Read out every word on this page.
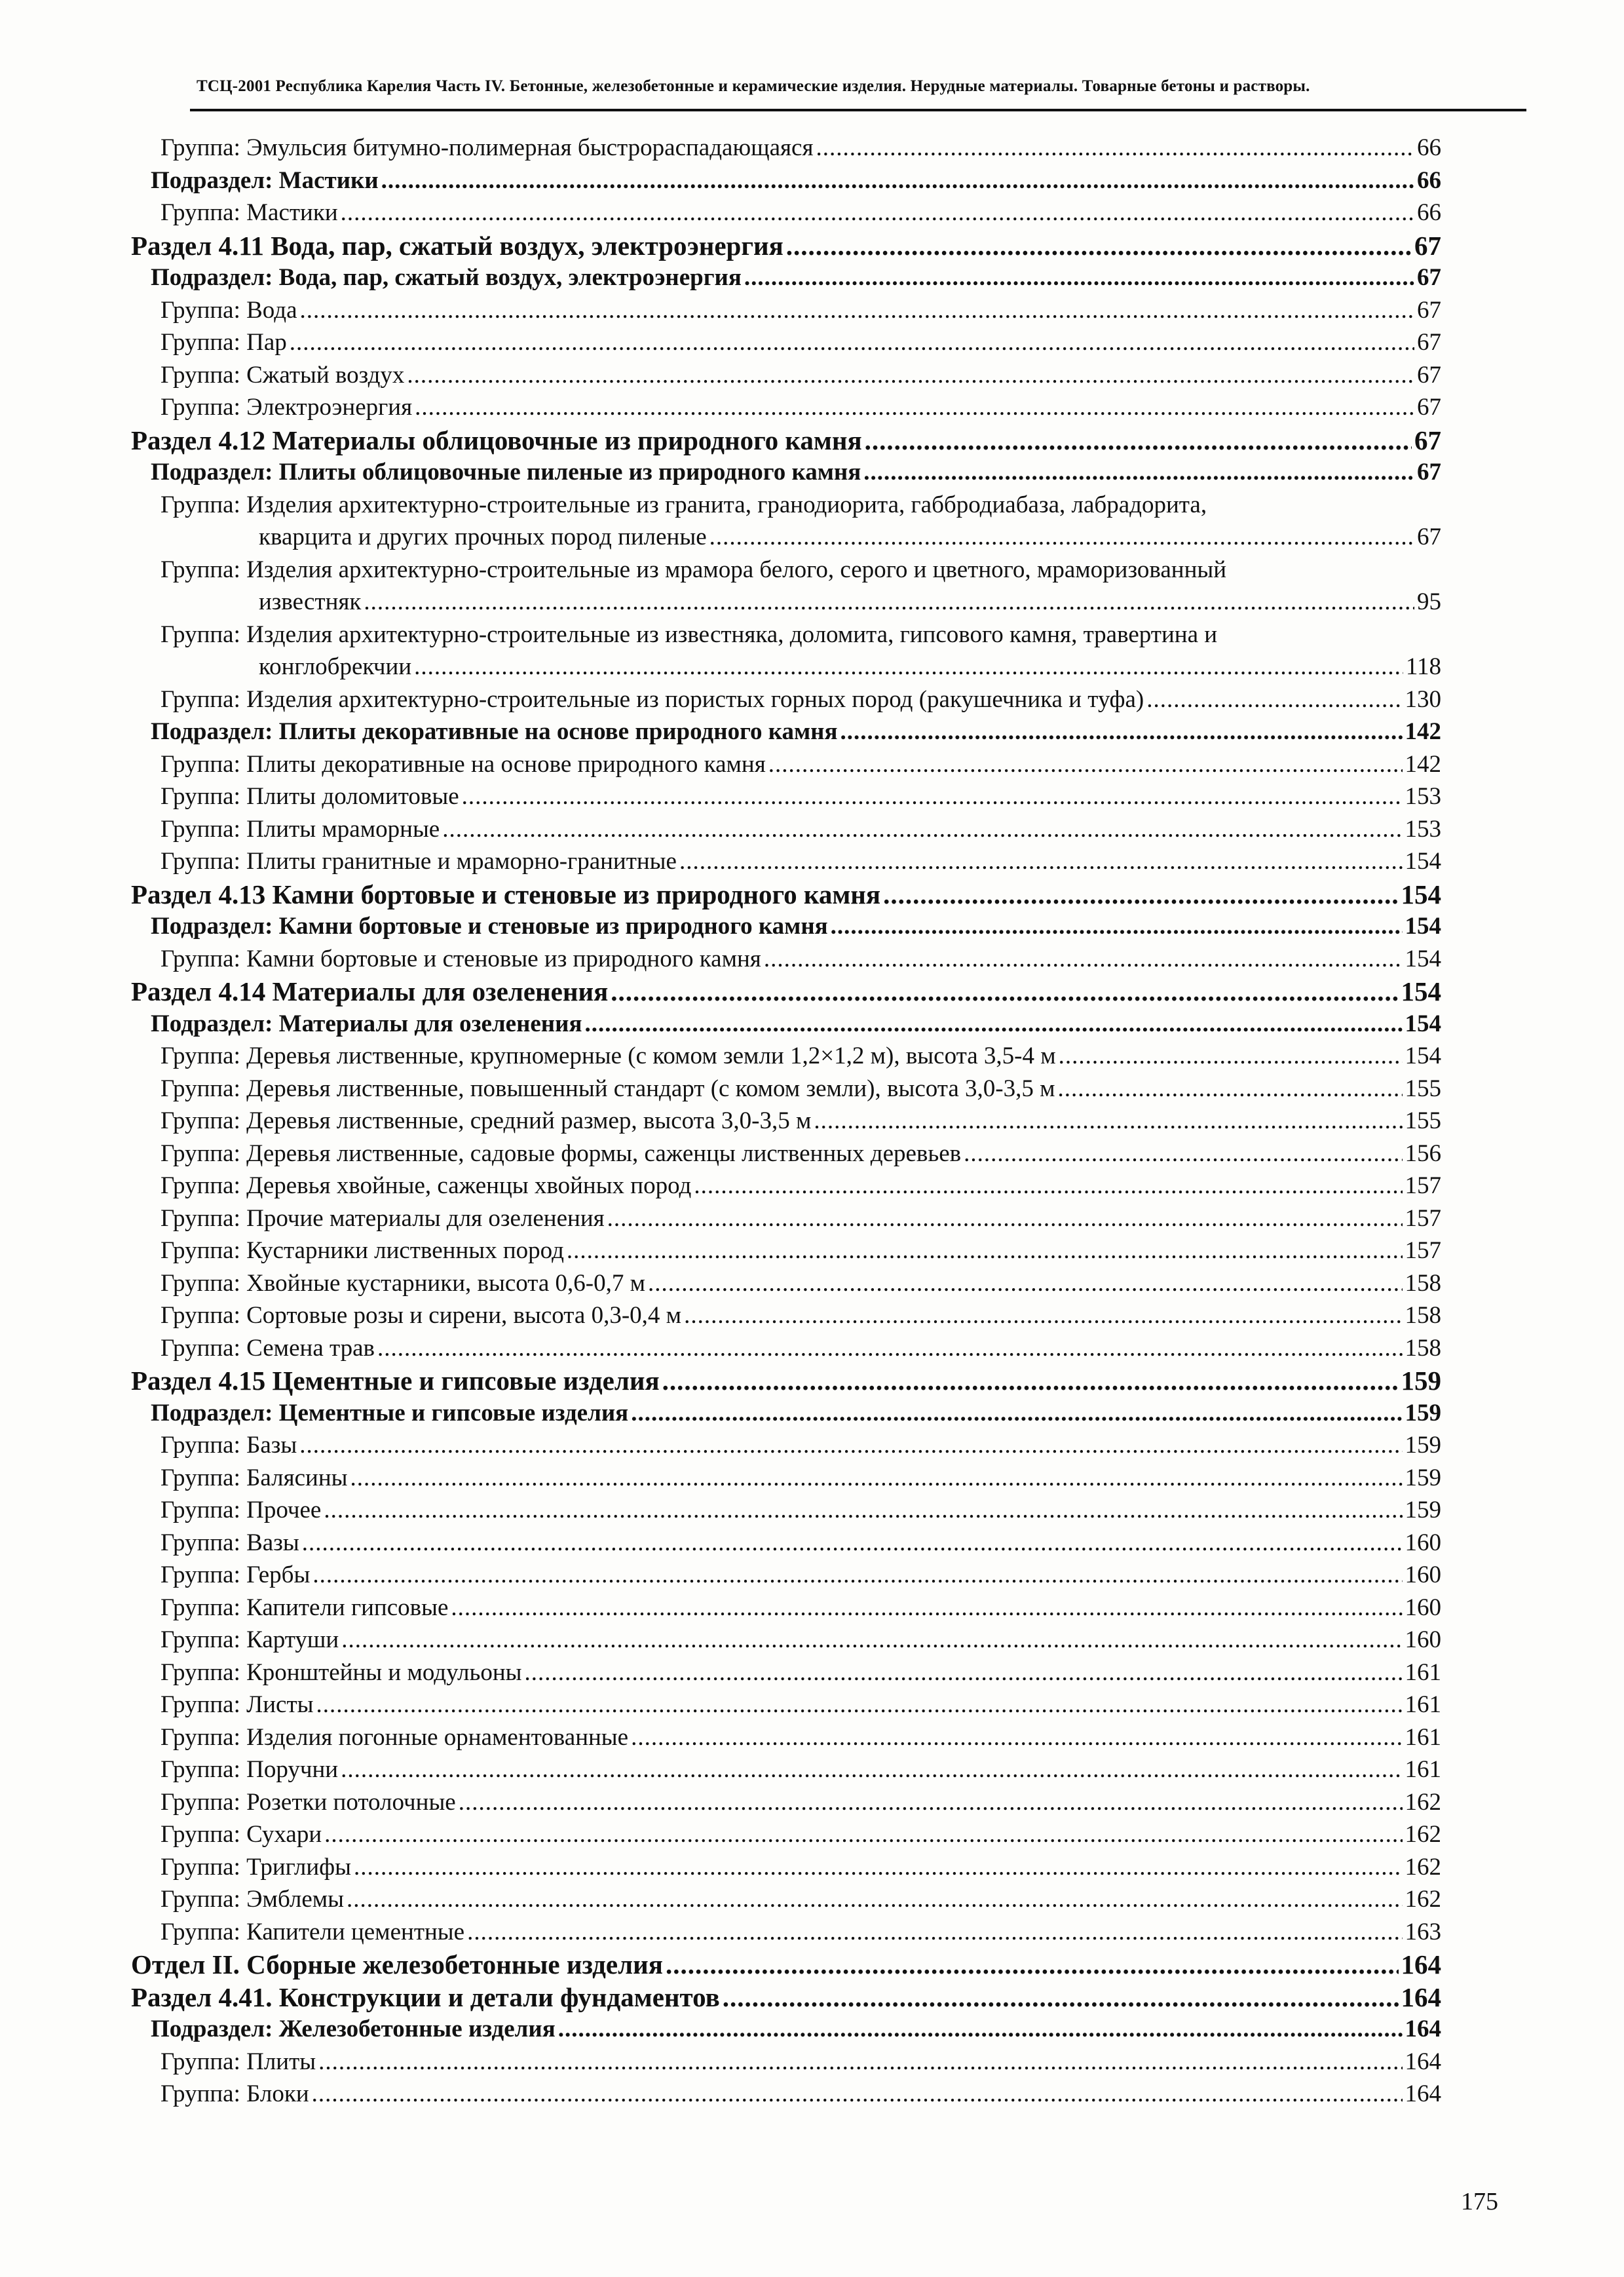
ТСЦ-2001 Республика Карелия Часть IV. Бетонные, железобетонные и керамические изделия. Нерудные материалы. Товарные бетоны и растворы.
Группа: Эмульсия битумно-полимерная быстрораспадающаяся .....	66
Подраздел: Мастики .....	66
Группа: Мастики .....	66
Раздел 4.11 Вода, пар, сжатый воздух, электроэнергия .....	67
Подраздел: Вода, пар, сжатый воздух, электроэнергия .....	67
Группа: Вода .....	67
Группа: Пар .....	67
Группа: Сжатый воздух .....	67
Группа: Электроэнергия .....	67
Раздел 4.12 Материалы облицовочные из природного камня .....	67
Подраздел: Плиты облицовочные пиленые из природного камня .....	67
Группа: Изделия архитектурно-строительные из гранита, гранодиорита, габбродиабаза, лабрадорита,
кварцита и других прочных пород пиленые .....	67
Группа: Изделия архитектурно-строительные из мрамора белого, серого и цветного, мраморизованный
известняк .....	95
Группа: Изделия архитектурно-строительные из известняка, доломита, гипсового камня, травертина и
конглобрекчии .....	118
Группа: Изделия архитектурно-строительные из пористых горных пород (ракушечника и туфа) .....	130
Подраздел: Плиты декоративные на основе природного камня .....	142
Группа: Плиты декоративные на основе природного камня .....	142
Группа: Плиты доломитовые .....	153
Группа: Плиты мраморные .....	153
Группа: Плиты гранитные и мраморно-гранитные .....	154
Раздел 4.13 Камни бортовые и стеновые из природного камня .....	154
Подраздел: Камни бортовые и стеновые из природного камня .....	154
Группа: Камни бортовые и стеновые из природного камня .....	154
Раздел 4.14 Материалы для озеленения .....	154
Подраздел: Материалы для озеленения .....	154
Группа: Деревья лиственные, крупномерные (с комом земли 1,2×1,2 м), высота 3,5-4 м .....	154
Группа: Деревья лиственные, повышенный стандарт (с комом земли), высота 3,0-3,5 м .....	155
Группа: Деревья лиственные, средний размер, высота 3,0-3,5 м .....	155
Группа: Деревья лиственные, садовые формы, саженцы лиственных деревьев .....	156
Группа: Деревья хвойные, саженцы хвойных пород .....	157
Группа: Прочие материалы для озеленения .....	157
Группа: Кустарники лиственных пород .....	157
Группа: Хвойные кустарники, высота 0,6-0,7 м .....	158
Группа: Сортовые розы и сирени, высота 0,3-0,4 м .....	158
Группа: Семена трав .....	158
Раздел 4.15 Цементные и гипсовые изделия .....	159
Подраздел: Цементные и гипсовые изделия .....	159
Группа: Базы .....	159
Группа: Балясины .....	159
Группа: Прочее .....	159
Группа: Вазы .....	160
Группа: Гербы .....	160
Группа: Капители гипсовые .....	160
Группа: Картуши .....	160
Группа: Кронштейны и модульоны .....	161
Группа: Листы .....	161
Группа: Изделия погонные орнаментованные .....	161
Группа: Поручни .....	161
Группа: Розетки потолочные .....	162
Группа: Сухари .....	162
Группа: Триглифы .....	162
Группа: Эмблемы .....	162
Группа: Капители цементные .....	163
Отдел II. Сборные железобетонные изделия .....	164
Раздел 4.41. Конструкции и детали фундаментов .....	164
Подраздел: Железобетонные изделия .....	164
Группа: Плиты .....	164
Группа: Блоки .....	164
175
